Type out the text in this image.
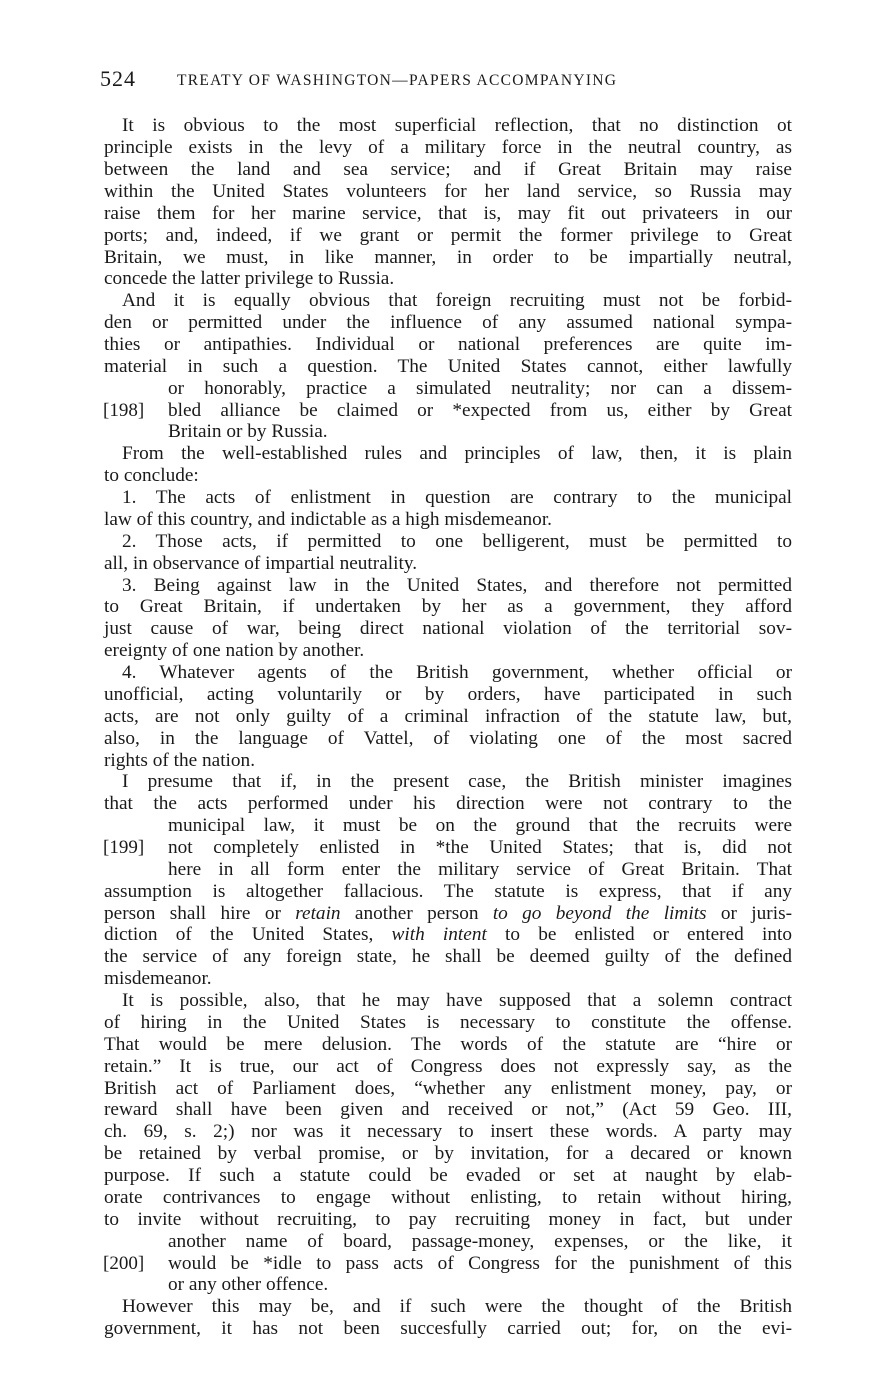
524	TREATY OF WASHINGTON—PAPERS ACCOMPANYING
It is obvious to the most superficial reflection, that no distinction ot
principle exists in the levy of a military force in the neutral country, as
between the land and sea service; and if Great Britain may raise
within the United States volunteers for her land service, so Russia may
raise them for her marine service, that is, may fit out privateers in our
ports; and, indeed, if we grant or permit the former privilege to Great
Britain, we must, in like manner, in order to be impartially neutral,
concede the latter privilege to Russia.
And it is equally obvious that foreign recruiting must not be forbid-
den or permitted under the influence of any assumed national sympa-
thies or antipathies. Individual or national preferences are quite im-
material in such a question. The United States cannot, either lawfully
or honorably, practice a simulated neutrality; nor can a dissem-
[198]	bled alliance be claimed or *expected from us, either by Great
Britain or by Russia.
From the well-established rules and principles of law, then, it is plain
to conclude:
1. The acts of enlistment in question are contrary to the municipal
law of this country, and indictable as a high misdemeanor.
2. Those acts, if permitted to one belligerent, must be permitted to
all, in observance of impartial neutrality.
3. Being against law in the United States, and therefore not permitted
to Great Britain, if undertaken by her as a government, they afford
just cause of war, being direct national violation of the territorial sov-
ereignty of one nation by another.
4. Whatever agents of the British government, whether official or
unofficial, acting voluntarily or by orders, have participated in such
acts, are not only guilty of a criminal infraction of the statute law, but,
also, in the language of Vattel, of violating one of the most sacred
rights of the nation.
I presume that if, in the present case, the British minister imagines
that the acts performed under his direction were not contrary to the
municipal law, it must be on the ground that the recruits were
[199]	not completely enlisted in *the United States; that is, did not
here in all form enter the military service of Great Britain. That
assumption is altogether fallacious. The statute is express, that if any
person shall hire or retain another person to go beyond the limits or juris-
diction of the United States, with intent to be enlisted or entered into
the service of any foreign state, he shall be deemed guilty of the defined
misdemeanor.
It is possible, also, that he may have supposed that a solemn contract
of hiring in the United States is necessary to constitute the offense.
That would be mere delusion. The words of the statute are “hire or
retain.” It is true, our act of Congress does not expressly say, as the
British act of Parliament does, “whether any enlistment money, pay, or
reward shall have been given and received or not,” (Act 59 Geo. III,
ch. 69, s. 2;) nor was it necessary to insert these words. A party may
be retained by verbal promise, or by invitation, for a decared or known
purpose. If such a statute could be evaded or set at naught by elab-
orate contrivances to engage without enlisting, to retain without hiring,
to invite without recruiting, to pay recruiting money in fact, but under
another name of board, passage-money, expenses, or the like, it
[200]	would be *idle to pass acts of Congress for the punishment of this
or any other offence.
However this may be, and if such were the thought of the British
government, it has not been succesfully carried out; for, on the evi-
